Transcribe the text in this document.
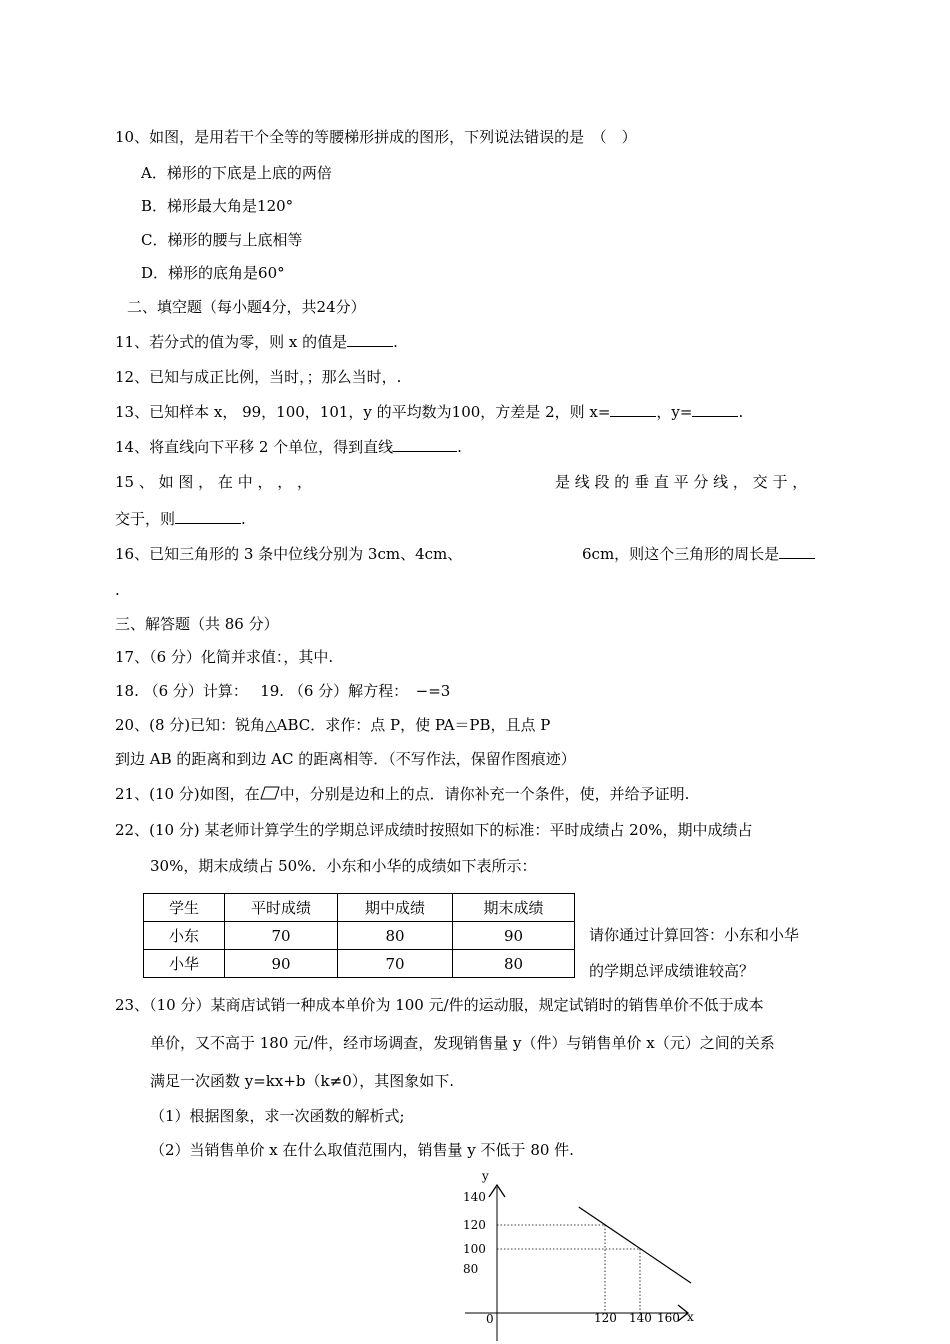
10、如图，是用若干个全等的等腰梯形拼成的图形，下列说法错误的是　（　）
A．梯形的下底是上底的两倍
B．梯形最大角是120°
C．梯形的腰与上底相等
D．梯形的底角是60°
二、填空题（每小题4分，共24分）
11、若分式的值为零，则 x 的值是	.
12、已知与成正比例，当时，；那么当时，.
13、已知样本 x， 99，100，101，y 的平均数为100，方差是 2，则 x=	，y=	.
14、将直线向下平移 2 个单位，得到直线	.
15 、 如 图 ， 在 中 ， ， ，	是 线 段 的 垂 直 平 分 线 ， 交 于 ，
交于，则	.
16、已知三角形的 3 条中位线分别为 3cm、4cm、	6cm，则这个三角形的周长是
.
三、解答题（共 86 分）
17、（6 分）化简并求值：，其中.
18. （6 分）计算：　 19. （6 分）解方程：　−=3
20、(8 分)已知：锐角△ABC．求作：点 P，使 PA＝PB，且点 P
到边 AB 的距离和到边 AC 的距离相等．（不写作法，保留作图痕迹）
21、(10 分)如图，在 中，分别是边和上的点．请你补充一个条件，使，并给予证明.
22、(10 分) 某老师计算学生的学期总评成绩时按照如下的标准：平时成绩占 20%，期中成绩占
30%，期末成绩占 50%．小东和小华的成绩如下表所示：
学生	平时成绩	期中成绩	期末成绩
小东	70	80	90
小华	90	70	80
请你通过计算回答：小东和小华
的学期总评成绩谁较高？
23、（10 分）某商店试销一种成本单价为 100 元/件的运动服，规定试销时的销售单价不低于成本
单价，又不高于 180 元/件，经市场调查，发现销售量 y（件）与销售单价 x（元）之间的关系
满足一次函数 y=kx+b（k≠0），其图象如下.
（1）根据图象，求一次函数的解析式;
（2）当销售单价 x 在什么取值范围内，销售量 y 不低于 80 件.
y
x
0
140
120
100
80
120 140 160
